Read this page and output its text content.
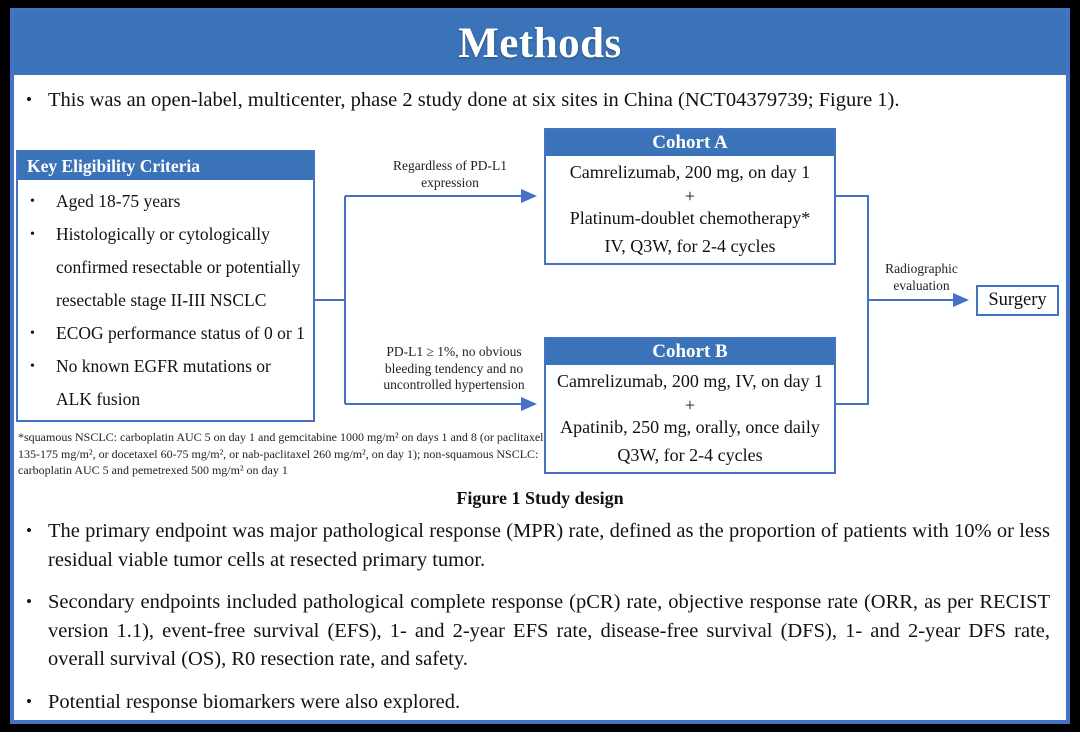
Methods
• This was an open-label, multicenter, phase 2 study done at six sites in China (NCT04379739; Figure 1).
Key Eligibility Criteria
•	Aged 18-75 years
•	Histologically or cytologically confirmed resectable or potentially resectable stage II-III NSCLC
•	ECOG performance status of 0 or 1
•	No known EGFR mutations or ALK fusion
Regardless of PD-L1 expression
PD-L1 ≥ 1%, no obvious bleeding tendency and no uncontrolled hypertension
Cohort A
Camrelizumab, 200 mg, on day 1
+
Platinum-doublet chemotherapy*
IV, Q3W, for 2-4 cycles
Cohort B
Camrelizumab, 200 mg, IV, on day 1
+
Apatinib, 250 mg, orally, once daily
Q3W, for 2-4 cycles
Radiographic evaluation
Surgery
*squamous NSCLC: carboplatin AUC 5 on day 1 and gemcitabine 1000 mg/m² on days 1 and 8 (or paclitaxel 135-175 mg/m², or docetaxel 60-75 mg/m², or nab-paclitaxel 260 mg/m², on day 1); non-squamous NSCLC: carboplatin AUC 5 and pemetrexed 500 mg/m² on day 1
Figure 1 Study design
• The primary endpoint was major pathological response (MPR) rate, defined as the proportion of patients with 10% or less residual viable tumor cells at resected primary tumor.
• Secondary endpoints included pathological complete response (pCR) rate, objective response rate (ORR, as per RECIST version 1.1), event-free survival (EFS), 1- and 2-year EFS rate, disease-free survival (DFS), 1- and 2-year DFS rate, overall survival (OS), R0 resection rate, and safety.
• Potential response biomarkers were also explored.
